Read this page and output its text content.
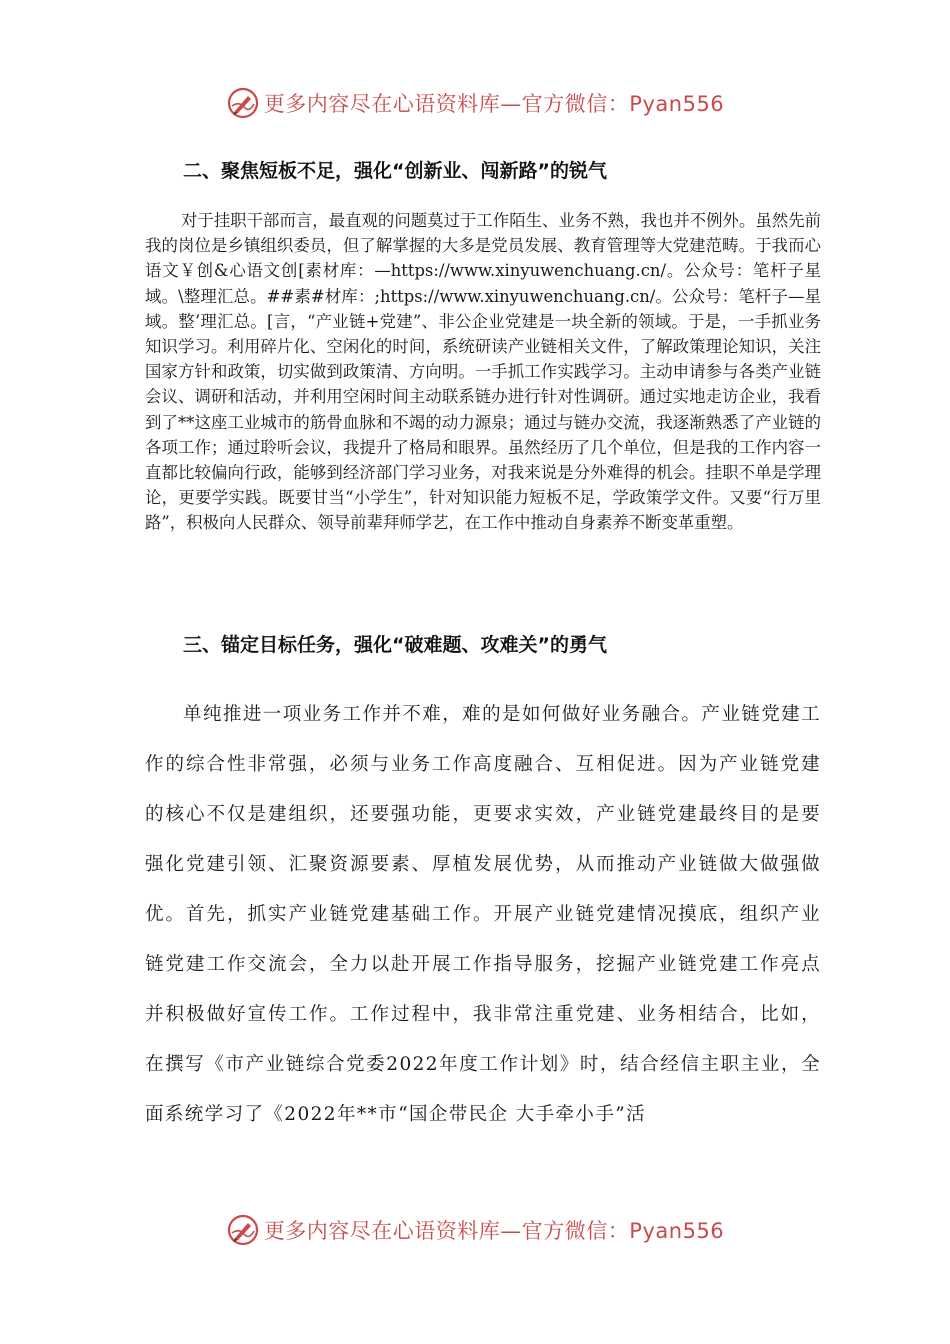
更多内容尽在心语资料库—官方微信：Pyan556
二、聚焦短板不足，强化“创新业、闯新路”的锐气

对于挂职干部而言，最直观的问题莫过于工作陌生、业务不熟，我也并不例外。虽然先前我的岗位是乡镇组织委员，但了解掌握的大多是党员发展、教育管理等大党建范畴。于我而心语文￥创&心语文创[素材库：—https://www.xinyuwenchuang.cn/。公众号：笔杆子星域。\整理汇总。##素#材库：;https://www.xinyuwenchuang.cn/。公众号：笔杆子—星域。整’理汇总。[言，“产业链+党建”、非公企业党建是一块全新的领域。于是，一手抓业务知识学习。利用碎片化、空闲化的时间，系统研读产业链相关文件，了解政策理论知识，关注国家方针和政策，切实做到政策清、方向明。一手抓工作实践学习。主动申请参与各类产业链会议、调研和活动，并利用空闲时间主动联系链办进行针对性调研。通过实地走访企业，我看到了**这座工业城市的筋骨血脉和不竭的动力源泉；通过与链办交流，我逐渐熟悉了产业链的各项工作；通过聆听会议，我提升了格局和眼界。虽然经历了几个单位，但是我的工作内容一直都比较偏向行政，能够到经济部门学习业务，对我来说是分外难得的机会。挂职不单是学理论，更要学实践。既要甘当“小学生”，针对知识能力短板不足，学政策学文件。又要“行万里路”，积极向人民群众、领导前辈拜师学艺，在工作中推动自身素养不断变革重塑。

三、锚定目标任务，强化“破难题、攻难关”的勇气

单纯推进一项业务工作并不难，难的是如何做好业务融合。产业链党建工作的综合性非常强，必须与业务工作高度融合、互相促进。因为产业链党建的核心不仅是建组织，还要强功能，更要求实效，产业链党建最终目的是要强化党建引领、汇聚资源要素、厚植发展优势，从而推动产业链做大做强做优。首先，抓实产业链党建基础工作。开展产业链党建情况摸底，组织产业链党建工作交流会，全力以赴开展工作指导服务，挖掘产业链党建工作亮点并积极做好宣传工作。工作过程中，我非常注重党建、业务相结合，比如，在撰写《市产业链综合党委2022年度工作计划》时，结合经信主职主业，全面系统学习了《2022年**市“国企带民企 大手牵小手”活

更多内容尽在心语资料库—官方微信：Pyan556
